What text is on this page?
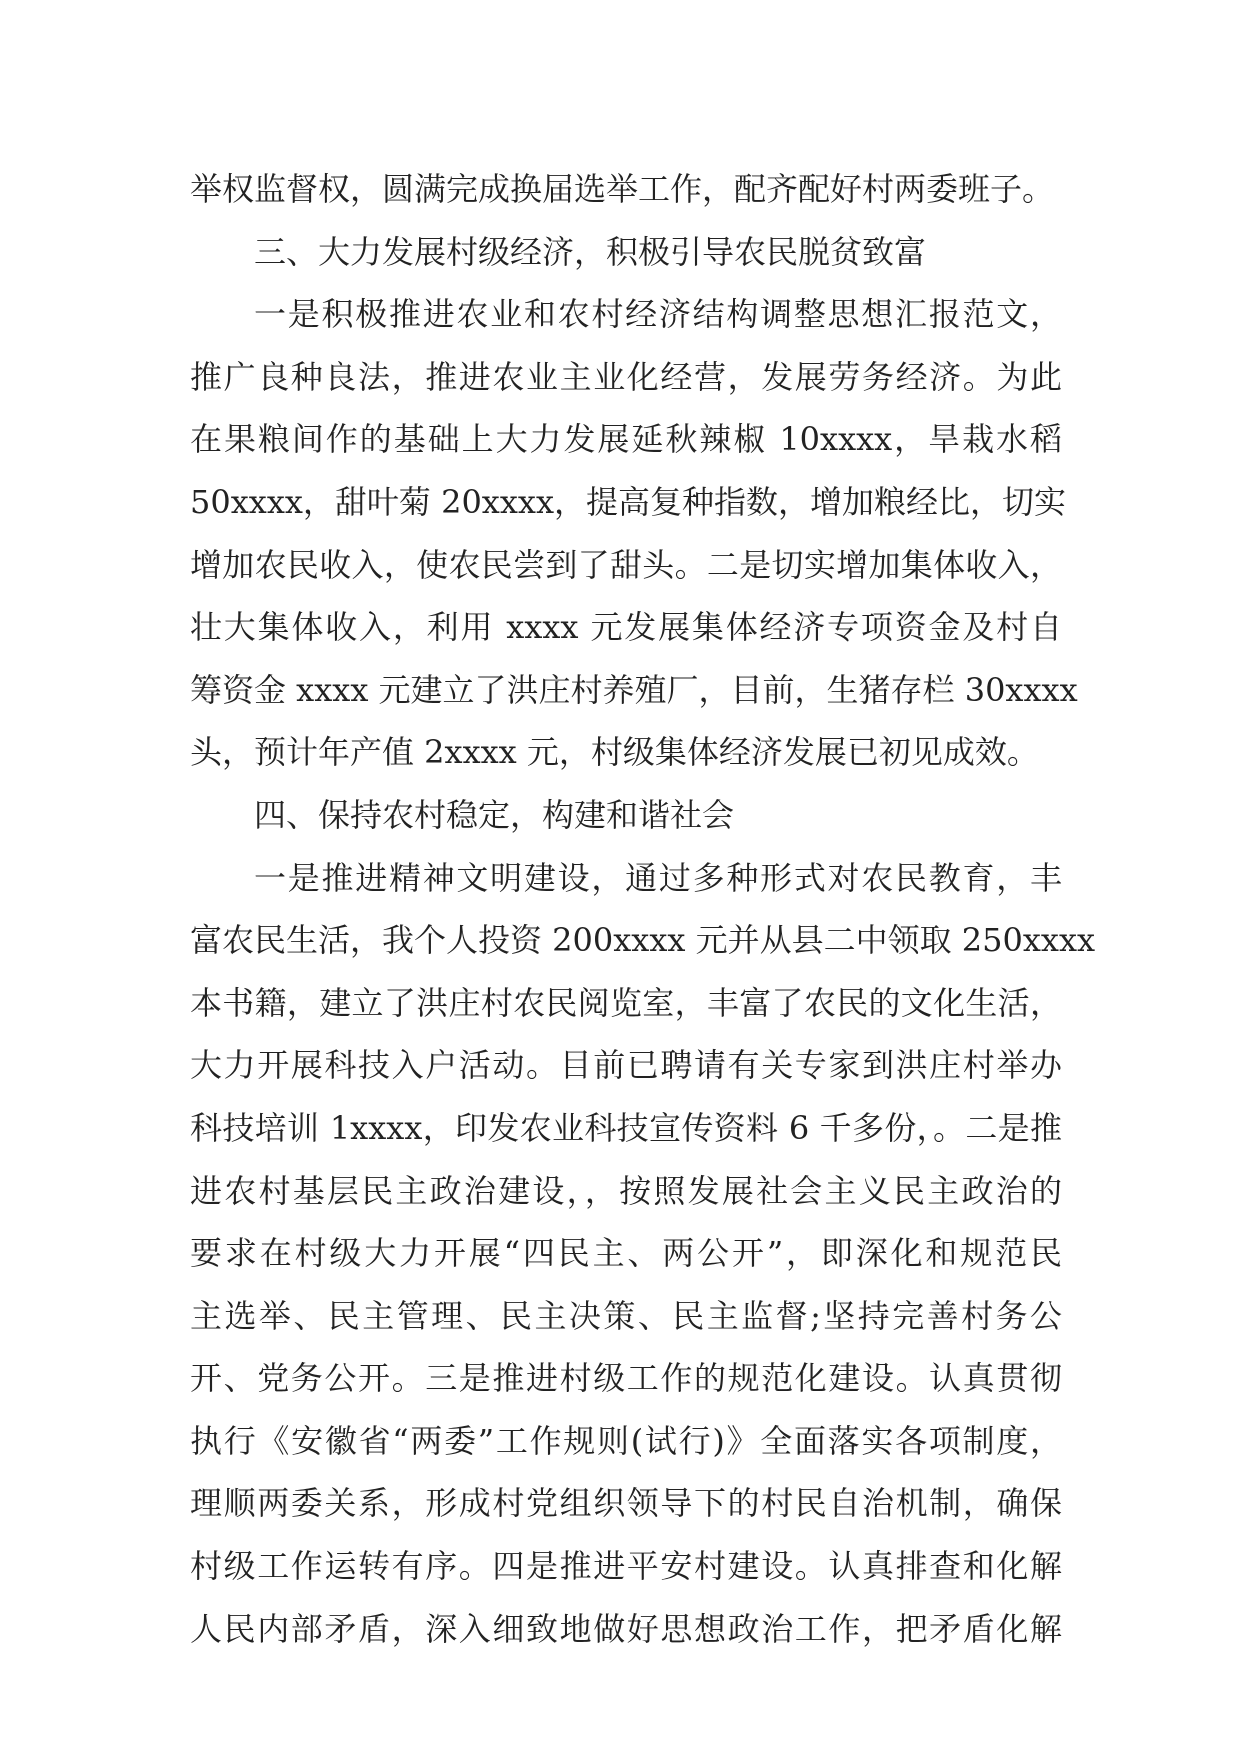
举权监督权，圆满完成换届选举工作，配齐配好村两委班子。
三、大力发展村级经济，积极引导农民脱贫致富
一是积极推进农业和农村经济结构调整思想汇报范文，
推广良种良法，推进农业主业化经营，发展劳务经济。为此
在果粮间作的基础上大力发展延秋辣椒 10xxxx，旱栽水稻
50xxxx，甜叶菊 20xxxx，提高复种指数，增加粮经比，切实
增加农民收入，使农民尝到了甜头。二是切实增加集体收入，
壮大集体收入，利用 xxxx 元发展集体经济专项资金及村自
筹资金 xxxx 元建立了洪庄村养殖厂，目前，生猪存栏 30xxxx
头，预计年产值 2xxxx 元，村级集体经济发展已初见成效。
四、保持农村稳定，构建和谐社会
一是推进精神文明建设，通过多种形式对农民教育，丰
富农民生活，我个人投资 200xxxx 元并从县二中领取 250xxxx
本书籍，建立了洪庄村农民阅览室，丰富了农民的文化生活，
大力开展科技入户活动。目前已聘请有关专家到洪庄村举办
科技培训 1xxxx，印发农业科技宣传资料 6 千多份，。二是推
进农村基层民主政治建设，，按照发展社会主义民主政治的
要求在村级大力开展“四民主、两公开”，即深化和规范民
主选举、民主管理、民主决策、民主监督;坚持完善村务公
开、党务公开。三是推进村级工作的规范化建设。认真贯彻
执行《安徽省“两委”工作规则(试行)》全面落实各项制度，
理顺两委关系，形成村党组织领导下的村民自治机制，确保
村级工作运转有序。四是推进平安村建设。认真排查和化解
人民内部矛盾，深入细致地做好思想政治工作，把矛盾化解
